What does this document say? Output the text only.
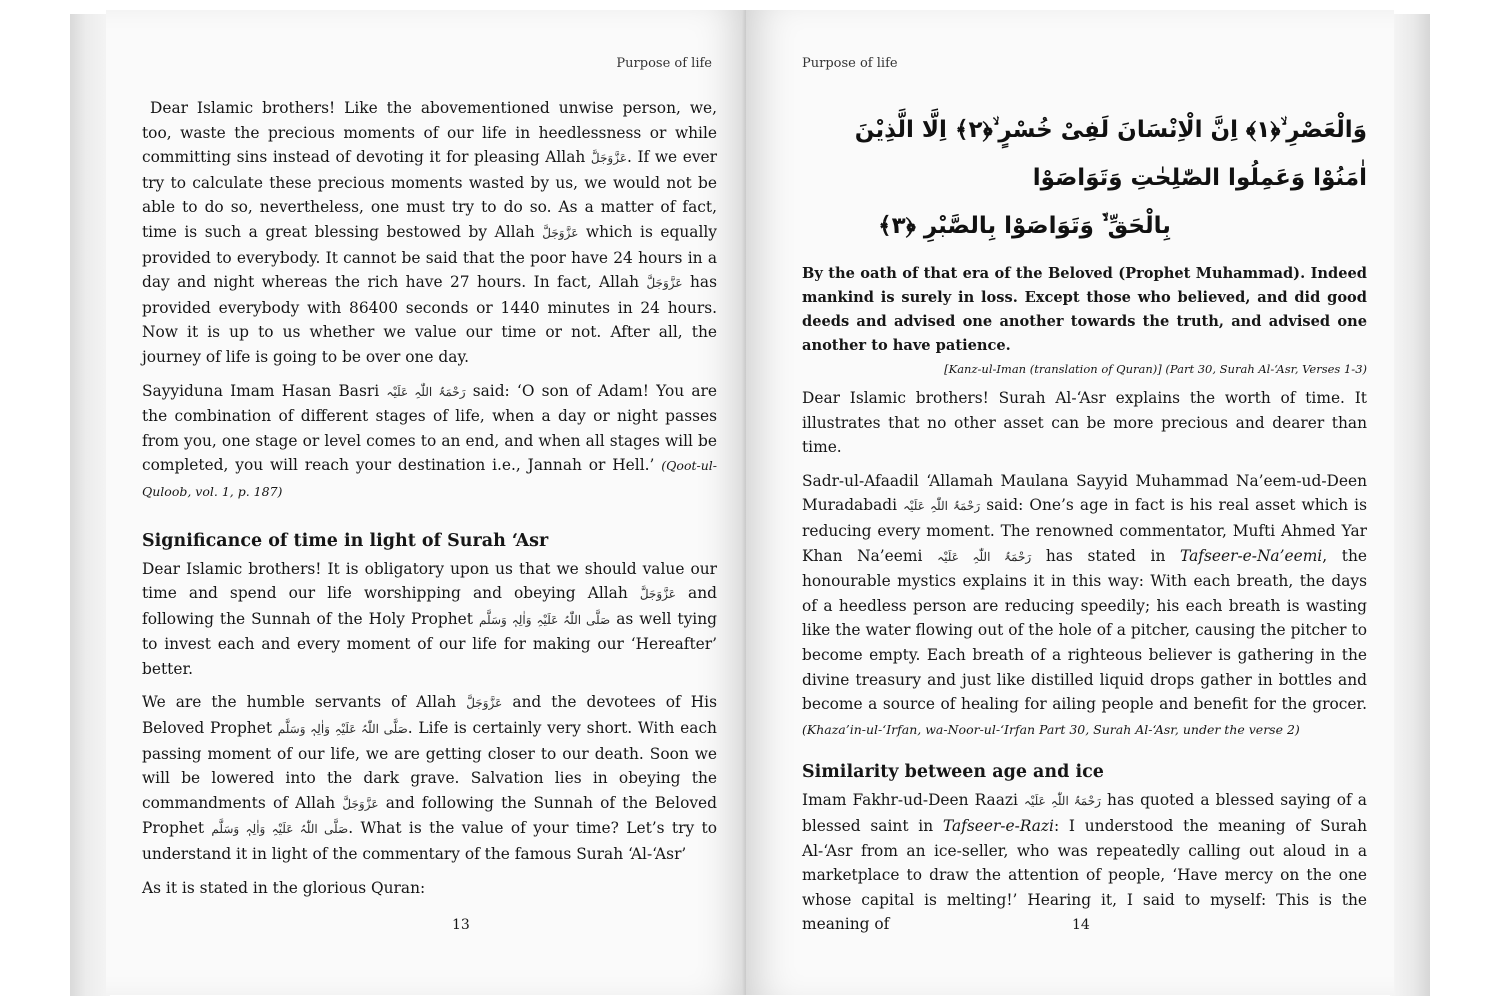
Purpose of life

Dear Islamic brothers! Like the abovementioned unwise person, we, too, waste the precious moments of our life in heedlessness or while committing sins instead of devoting it for pleasing Allah عَزَّوَجَلَّ. If we ever try to calculate these precious moments wasted by us, we would not be able to do so, nevertheless, one must try to do so. As a matter of fact, time is such a great blessing bestowed by Allah عَزَّوَجَلَّ which is equally provided to everybody. It cannot be said that the poor have 24 hours in a day and night whereas the rich have 27 hours. In fact, Allah عَزَّوَجَلَّ has provided everybody with 86400 seconds or 1440 minutes in 24 hours. Now it is up to us whether we value our time or not. After all, the journey of life is going to be over one day.

Sayyiduna Imam Hasan Basri رَحْمَۃُ اللّٰہِ عَلَیْہ said: ‘O son of Adam! You are the combination of different stages of life, when a day or night passes from you, one stage or level comes to an end, and when all stages will be completed, you will reach your destination i.e., Jannah or Hell.’ (Qoot-ul-Quloob, vol. 1, p. 187)

Significance of time in light of Surah ‘Asr

Dear Islamic brothers! It is obligatory upon us that we should value our time and spend our life worshipping and obeying Allah عَزَّوَجَلَّ and following the Sunnah of the Holy Prophet صَلَّی اللّٰہُ عَلَیْہِ وَاٰلِہٖ وَسَلَّم as well tying to invest each and every moment of our life for making our ‘Hereafter’ better.

We are the humble servants of Allah عَزَّوَجَلَّ and the devotees of His Beloved Prophet صَلَّی اللّٰہُ عَلَیْہِ وَاٰلِہٖ وَسَلَّم. Life is certainly very short. With each passing moment of our life, we are getting closer to our death. Soon we will be lowered into the dark grave. Salvation lies in obeying the commandments of Allah عَزَّوَجَلَّ and following the Sunnah of the Beloved Prophet صَلَّی اللّٰہُ عَلَیْہِ وَاٰلِہٖ وَسَلَّم. What is the value of your time? Let’s try to understand it in light of the commentary of the famous Surah ‘Al-‘Asr’

As it is stated in the glorious Quran:

13
Purpose of life
وَالْعَصْرِ ۙ﴿۱﴾ اِنَّ الْاِنْسَانَ لَفِیْ خُسْرٍ ۙ﴿۲﴾ اِلَّا الَّذِیْنَ اٰمَنُوْا وَعَمِلُوا الصّٰلِحٰتِ وَتَوَاصَوْا
بِالْحَقِّ ۙ۬ وَتَوَاصَوْا بِالصَّبْرِ ﴿۳﴾

By the oath of that era of the Beloved (Prophet Muhammad). Indeed mankind is surely in loss. Except those who believed, and did good deeds and advised one another towards the truth, and advised one another to have patience.

[Kanz-ul-Iman (translation of Quran)] (Part 30, Surah Al-‘Asr, Verses 1-3)

Dear Islamic brothers! Surah Al-‘Asr explains the worth of time. It illustrates that no other asset can be more precious and dearer than time.

Sadr-ul-Afaadil ‘Allamah Maulana Sayyid Muhammad Na’eem-ud-Deen Muradabadi رَحْمَۃُ اللّٰہِ عَلَیْہ said: One’s age in fact is his real asset which is reducing every moment. The renowned commentator, Mufti Ahmed Yar Khan Na’eemi رَحْمَۃُ اللّٰہِ عَلَیْہ has stated in Tafseer-e-Na’eemi, the honourable mystics explains it in this way: With each breath, the days of a heedless person are reducing speedily; his each breath is wasting like the water flowing out of the hole of a pitcher, causing the pitcher to become empty. Each breath of a righteous believer is gathering in the divine treasury and just like distilled liquid drops gather in bottles and become a source of healing for ailing people and benefit for the grocer. (Khaza’in-ul-‘Irfan, wa-Noor-ul-‘Irfan Part 30, Surah Al-‘Asr, under the verse 2)

Similarity between age and ice

Imam Fakhr-ud-Deen Raazi رَحْمَۃُ اللّٰہِ عَلَیْہ has quoted a blessed saying of a blessed saint in Tafseer-e-Razi: I understood the meaning of Surah Al-‘Asr from an ice-seller, who was repeatedly calling out aloud in a marketplace to draw the attention of people, ‘Have mercy on the one whose capital is melting!’ Hearing it, I said to myself: This is the meaning of	14
